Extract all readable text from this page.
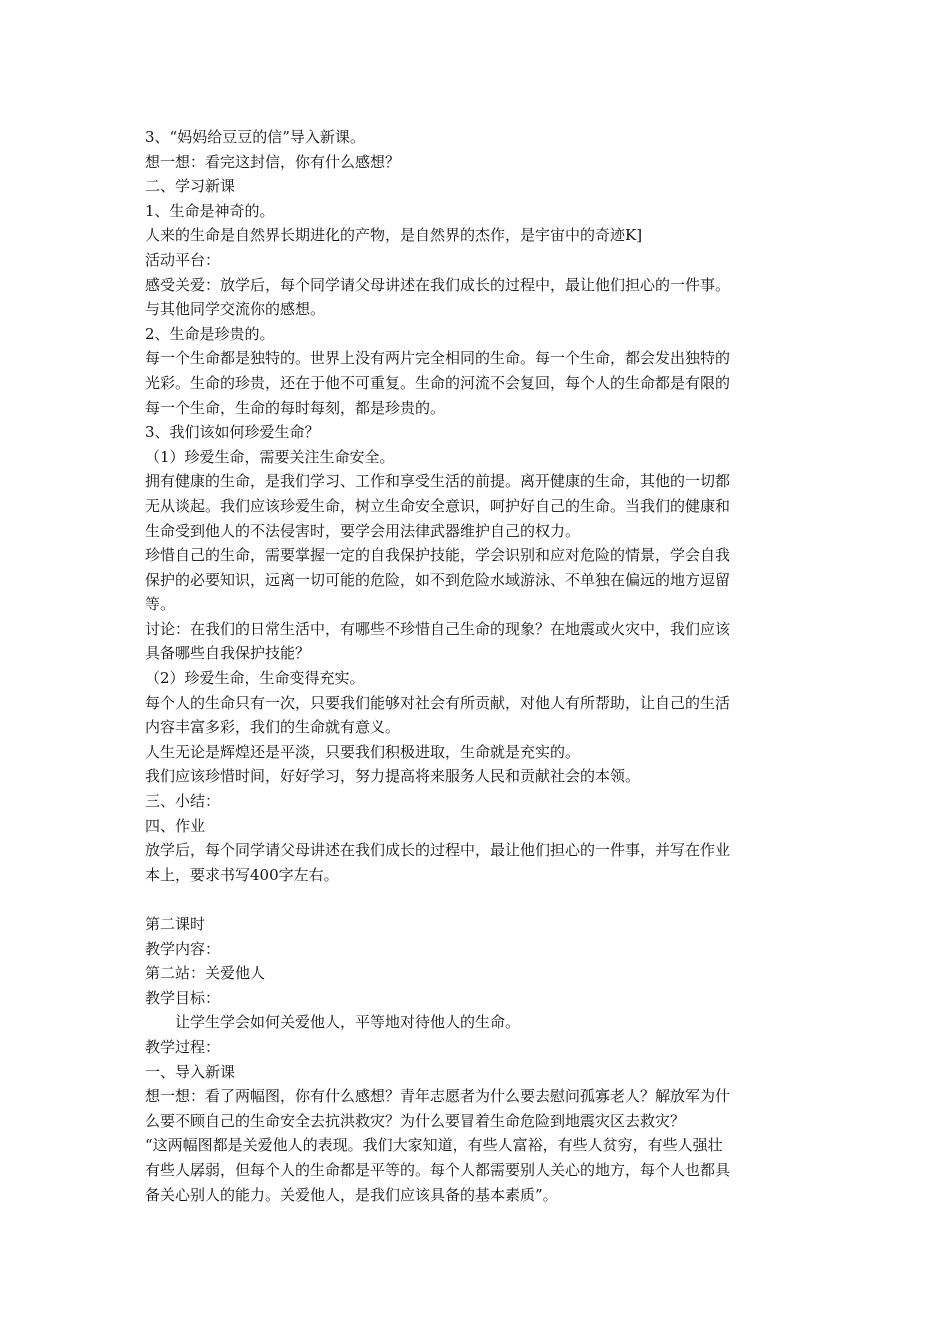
3、“妈妈给豆豆的信”导入新课。
想一想：看完这封信，你有什么感想？
二、学习新课
1、生命是神奇的。
人来的生命是自然界长期进化的产物，是自然界的杰作，是宇宙中的奇迹K]
活动平台：
感受关爱：放学后，每个同学请父母讲述在我们成长的过程中，最让他们担心的一件事。
与其他同学交流你的感想。
2、生命是珍贵的。
每一个生命都是独特的。世界上没有两片完全相同的生命。每一个生命，都会发出独特的
光彩。生命的珍贵，还在于他不可重复。生命的河流不会复回，每个人的生命都是有限的
每一个生命，生命的每时每刻，都是珍贵的。
3、我们该如何珍爱生命？
（1）珍爱生命，需要关注生命安全。
拥有健康的生命，是我们学习、工作和享受生活的前提。离开健康的生命，其他的一切都
无从谈起。我们应该珍爱生命，树立生命安全意识，呵护好自己的生命。当我们的健康和
生命受到他人的不法侵害时，要学会用法律武器维护自己的权力。
珍惜自己的生命，需要掌握一定的自我保护技能，学会识别和应对危险的情景，学会自我
保护的必要知识，远离一切可能的危险，如不到危险水域游泳、不单独在偏远的地方逗留
等。
讨论：在我们的日常生活中，有哪些不珍惜自己生命的现象？在地震或火灾中，我们应该
具备哪些自我保护技能？
（2）珍爱生命，生命变得充实。
每个人的生命只有一次，只要我们能够对社会有所贡献，对他人有所帮助，让自己的生活
内容丰富多彩，我们的生命就有意义。
人生无论是辉煌还是平淡，只要我们积极进取，生命就是充实的。
我们应该珍惜时间，好好学习，努力提高将来服务人民和贡献社会的本领。
三、小结：
四、作业
放学后，每个同学请父母讲述在我们成长的过程中，最让他们担心的一件事，并写在作业
本上，要求书写400字左右。
第二课时
教学内容：
第二站：关爱他人
教学目标：
让学生学会如何关爱他人，平等地对待他人的生命。
教学过程：
一、导入新课
想一想：看了两幅图，你有什么感想？青年志愿者为什么要去慰问孤寡老人？解放军为什
么要不顾自己的生命安全去抗洪救灾？为什么要冒着生命危险到地震灾区去救灾？
“这两幅图都是关爱他人的表现。我们大家知道，有些人富裕，有些人贫穷，有些人强壮
有些人孱弱，但每个人的生命都是平等的。每个人都需要别人关心的地方，每个人也都具
备关心别人的能力。关爱他人，是我们应该具备的基本素质”。
